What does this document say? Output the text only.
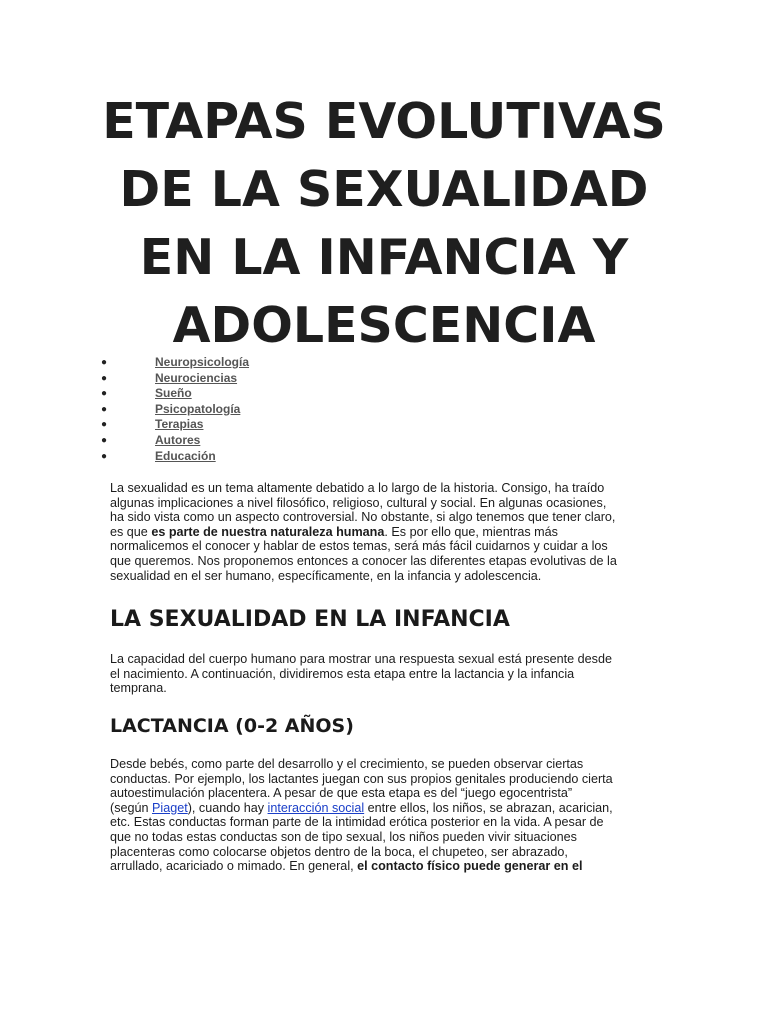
ETAPAS EVOLUTIVAS
DE LA SEXUALIDAD
EN LA INFANCIA Y
ADOLESCENCIA
●	Neuropsicología
●	Neurociencias
●	Sueño
●	Psicopatología
●	Terapias
●	Autores
●	Educación

La sexualidad es un tema altamente debatido a lo largo de la historia. Consigo, ha traído
algunas implicaciones a nivel filosófico, religioso, cultural y social. En algunas ocasiones,
ha sido vista como un aspecto controversial. No obstante, si algo tenemos que tener claro,
es que es parte de nuestra naturaleza humana. Es por ello que, mientras más
normalicemos el conocer y hablar de estos temas, será más fácil cuidarnos y cuidar a los
que queremos. Nos proponemos entonces a conocer las diferentes etapas evolutivas de la
sexualidad en el ser humano, específicamente, en la infancia y adolescencia.

LA SEXUALIDAD EN LA INFANCIA

La capacidad del cuerpo humano para mostrar una respuesta sexual está presente desde
el nacimiento. A continuación, dividiremos esta etapa entre la lactancia y la infancia
temprana.

LACTANCIA (0-2 AÑOS)

Desde bebés, como parte del desarrollo y el crecimiento, se pueden observar ciertas
conductas. Por ejemplo, los lactantes juegan con sus propios genitales produciendo cierta
autoestimulación placentera. A pesar de que esta etapa es del “juego egocentrista”
(según Piaget), cuando hay interacción social entre ellos, los niños, se abrazan, acarician,
etc. Estas conductas forman parte de la intimidad erótica posterior en la vida. A pesar de
que no todas estas conductas son de tipo sexual, los niños pueden vivir situaciones
placenteras como colocarse objetos dentro de la boca, el chupeteo, ser abrazado,
arrullado, acariciado o mimado. En general, el contacto físico puede generar en el
